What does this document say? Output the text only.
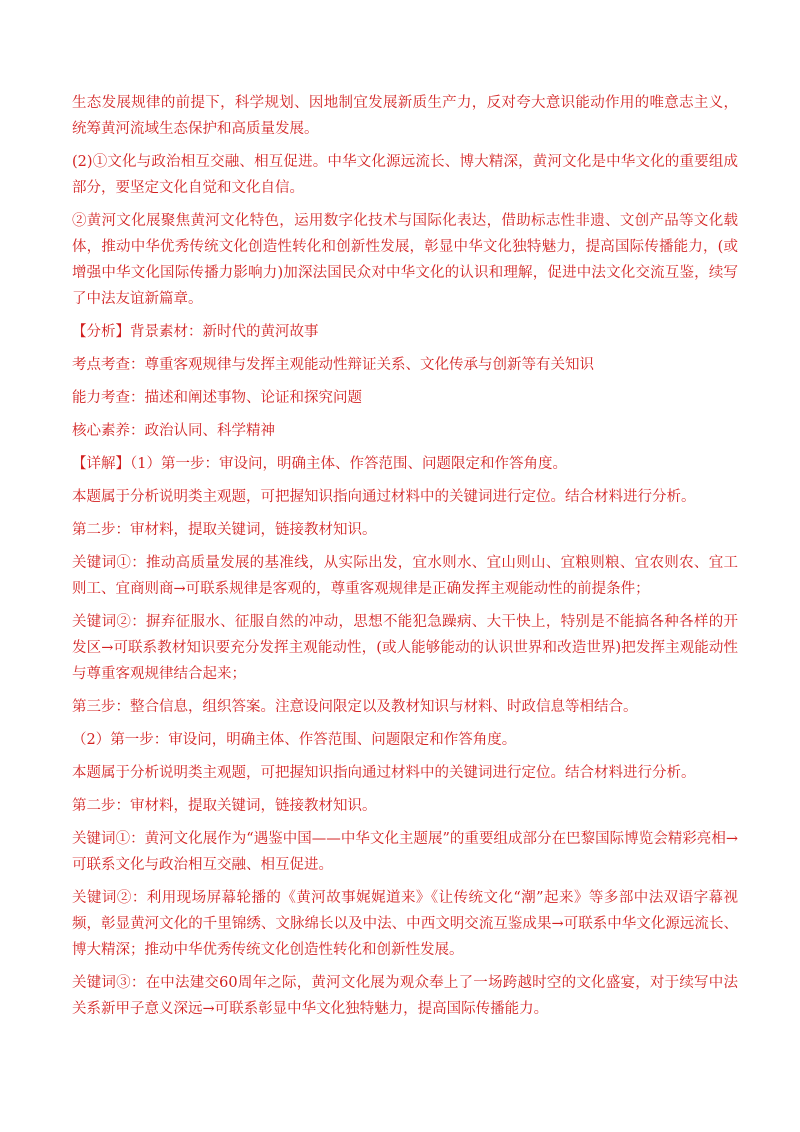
生态发展规律的前提下，科学规划、因地制宜发展新质生产力，反对夸大意识能动作用的唯意志主义，统筹黄河流域生态保护和高质量发展。

(2)①文化与政治相互交融、相互促进。中华文化源远流长、博大精深，黄河文化是中华文化的重要组成部分，要坚定文化自觉和文化自信。

②黄河文化展聚焦黄河文化特色，运用数字化技术与国际化表达，借助标志性非遗、文创产品等文化载体，推动中华优秀传统文化创造性转化和创新性发展，彰显中华文化独特魅力，提高国际传播能力，(或增强中华文化国际传播力影响力)加深法国民众对中华文化的认识和理解，促进中法文化交流互鉴，续写了中法友谊新篇章。

【分析】背景素材：新时代的黄河故事

考点考查：尊重客观规律与发挥主观能动性辩证关系、文化传承与创新等有关知识

能力考查：描述和阐述事物、论证和探究问题

核心素养：政治认同、科学精神

【详解】（1）第一步：审设问，明确主体、作答范围、问题限定和作答角度。

本题属于分析说明类主观题，可把握知识指向通过材料中的关键词进行定位。结合材料进行分析。

第二步：审材料，提取关键词，链接教材知识。

关键词①：推动高质量发展的基准线，从实际出发，宜水则水、宜山则山、宜粮则粮、宜农则农、宜工则工、宜商则商→可联系规律是客观的，尊重客观规律是正确发挥主观能动性的前提条件；

关键词②：摒弃征服水、征服自然的冲动，思想不能犯急躁病、大干快上，特别是不能搞各种各样的开发区→可联系教材知识要充分发挥主观能动性，(或人能够能动的认识世界和改造世界)把发挥主观能动性与尊重客观规律结合起来；

第三步：整合信息，组织答案。注意设问限定以及教材知识与材料、时政信息等相结合。

（2）第一步：审设问，明确主体、作答范围、问题限定和作答角度。

本题属于分析说明类主观题，可把握知识指向通过材料中的关键词进行定位。结合材料进行分析。

第二步：审材料，提取关键词，链接教材知识。

关键词①：黄河文化展作为“遇鉴中国——中华文化主题展”的重要组成部分在巴黎国际博览会精彩亮相→可联系文化与政治相互交融、相互促进。

关键词②：利用现场屏幕轮播的《黄河故事娓娓道来》《让传统文化“潮”起来》等多部中法双语字幕视频，彰显黄河文化的千里锦绣、文脉绵长以及中法、中西文明交流互鉴成果→可联系中华文化源远流长、博大精深；推动中华优秀传统文化创造性转化和创新性发展。

关键词③：在中法建交60周年之际，黄河文化展为观众奉上了一场跨越时空的文化盛宴，对于续写中法关系新甲子意义深远→可联系彰显中华文化独特魅力，提高国际传播能力。
